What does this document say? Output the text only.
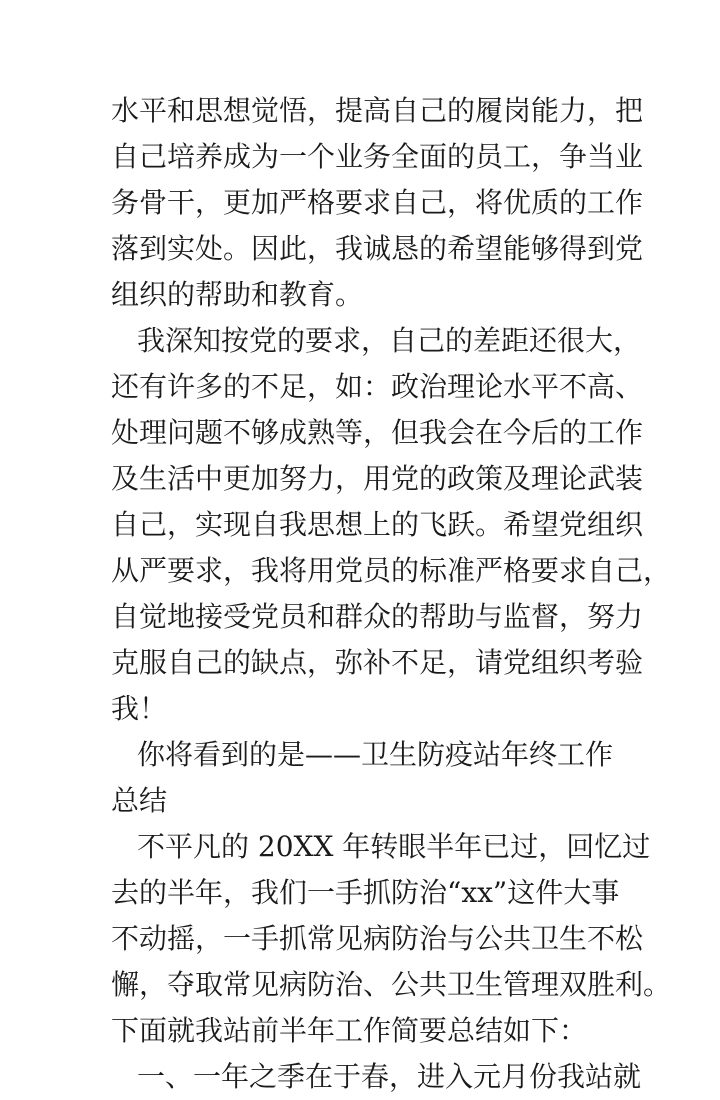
水平和思想觉悟，提高自己的履岗能力，把
自己培养成为一个业务全面的员工，争当业
务骨干，更加严格要求自己，将优质的工作
落到实处。因此，我诚恳的希望能够得到党
组织的帮助和教育。
我深知按党的要求，自己的差距还很大，
还有许多的不足，如：政治理论水平不高、
处理问题不够成熟等，但我会在今后的工作
及生活中更加努力，用党的政策及理论武装
自己，实现自我思想上的飞跃。希望党组织
从严要求，我将用党员的标准严格要求自己，
自觉地接受党员和群众的帮助与监督，努力
克服自己的缺点，弥补不足，请党组织考验
我！
你将看到的是——卫生防疫站年终工作
总结
不平凡的 20XX 年转眼半年已过，回忆过
去的半年，我们一手抓防治“xx”这件大事
不动摇，一手抓常见病防治与公共卫生不松
懈，夺取常见病防治、公共卫生管理双胜利。
下面就我站前半年工作简要总结如下：
一、一年之季在于春，进入元月份我站就
